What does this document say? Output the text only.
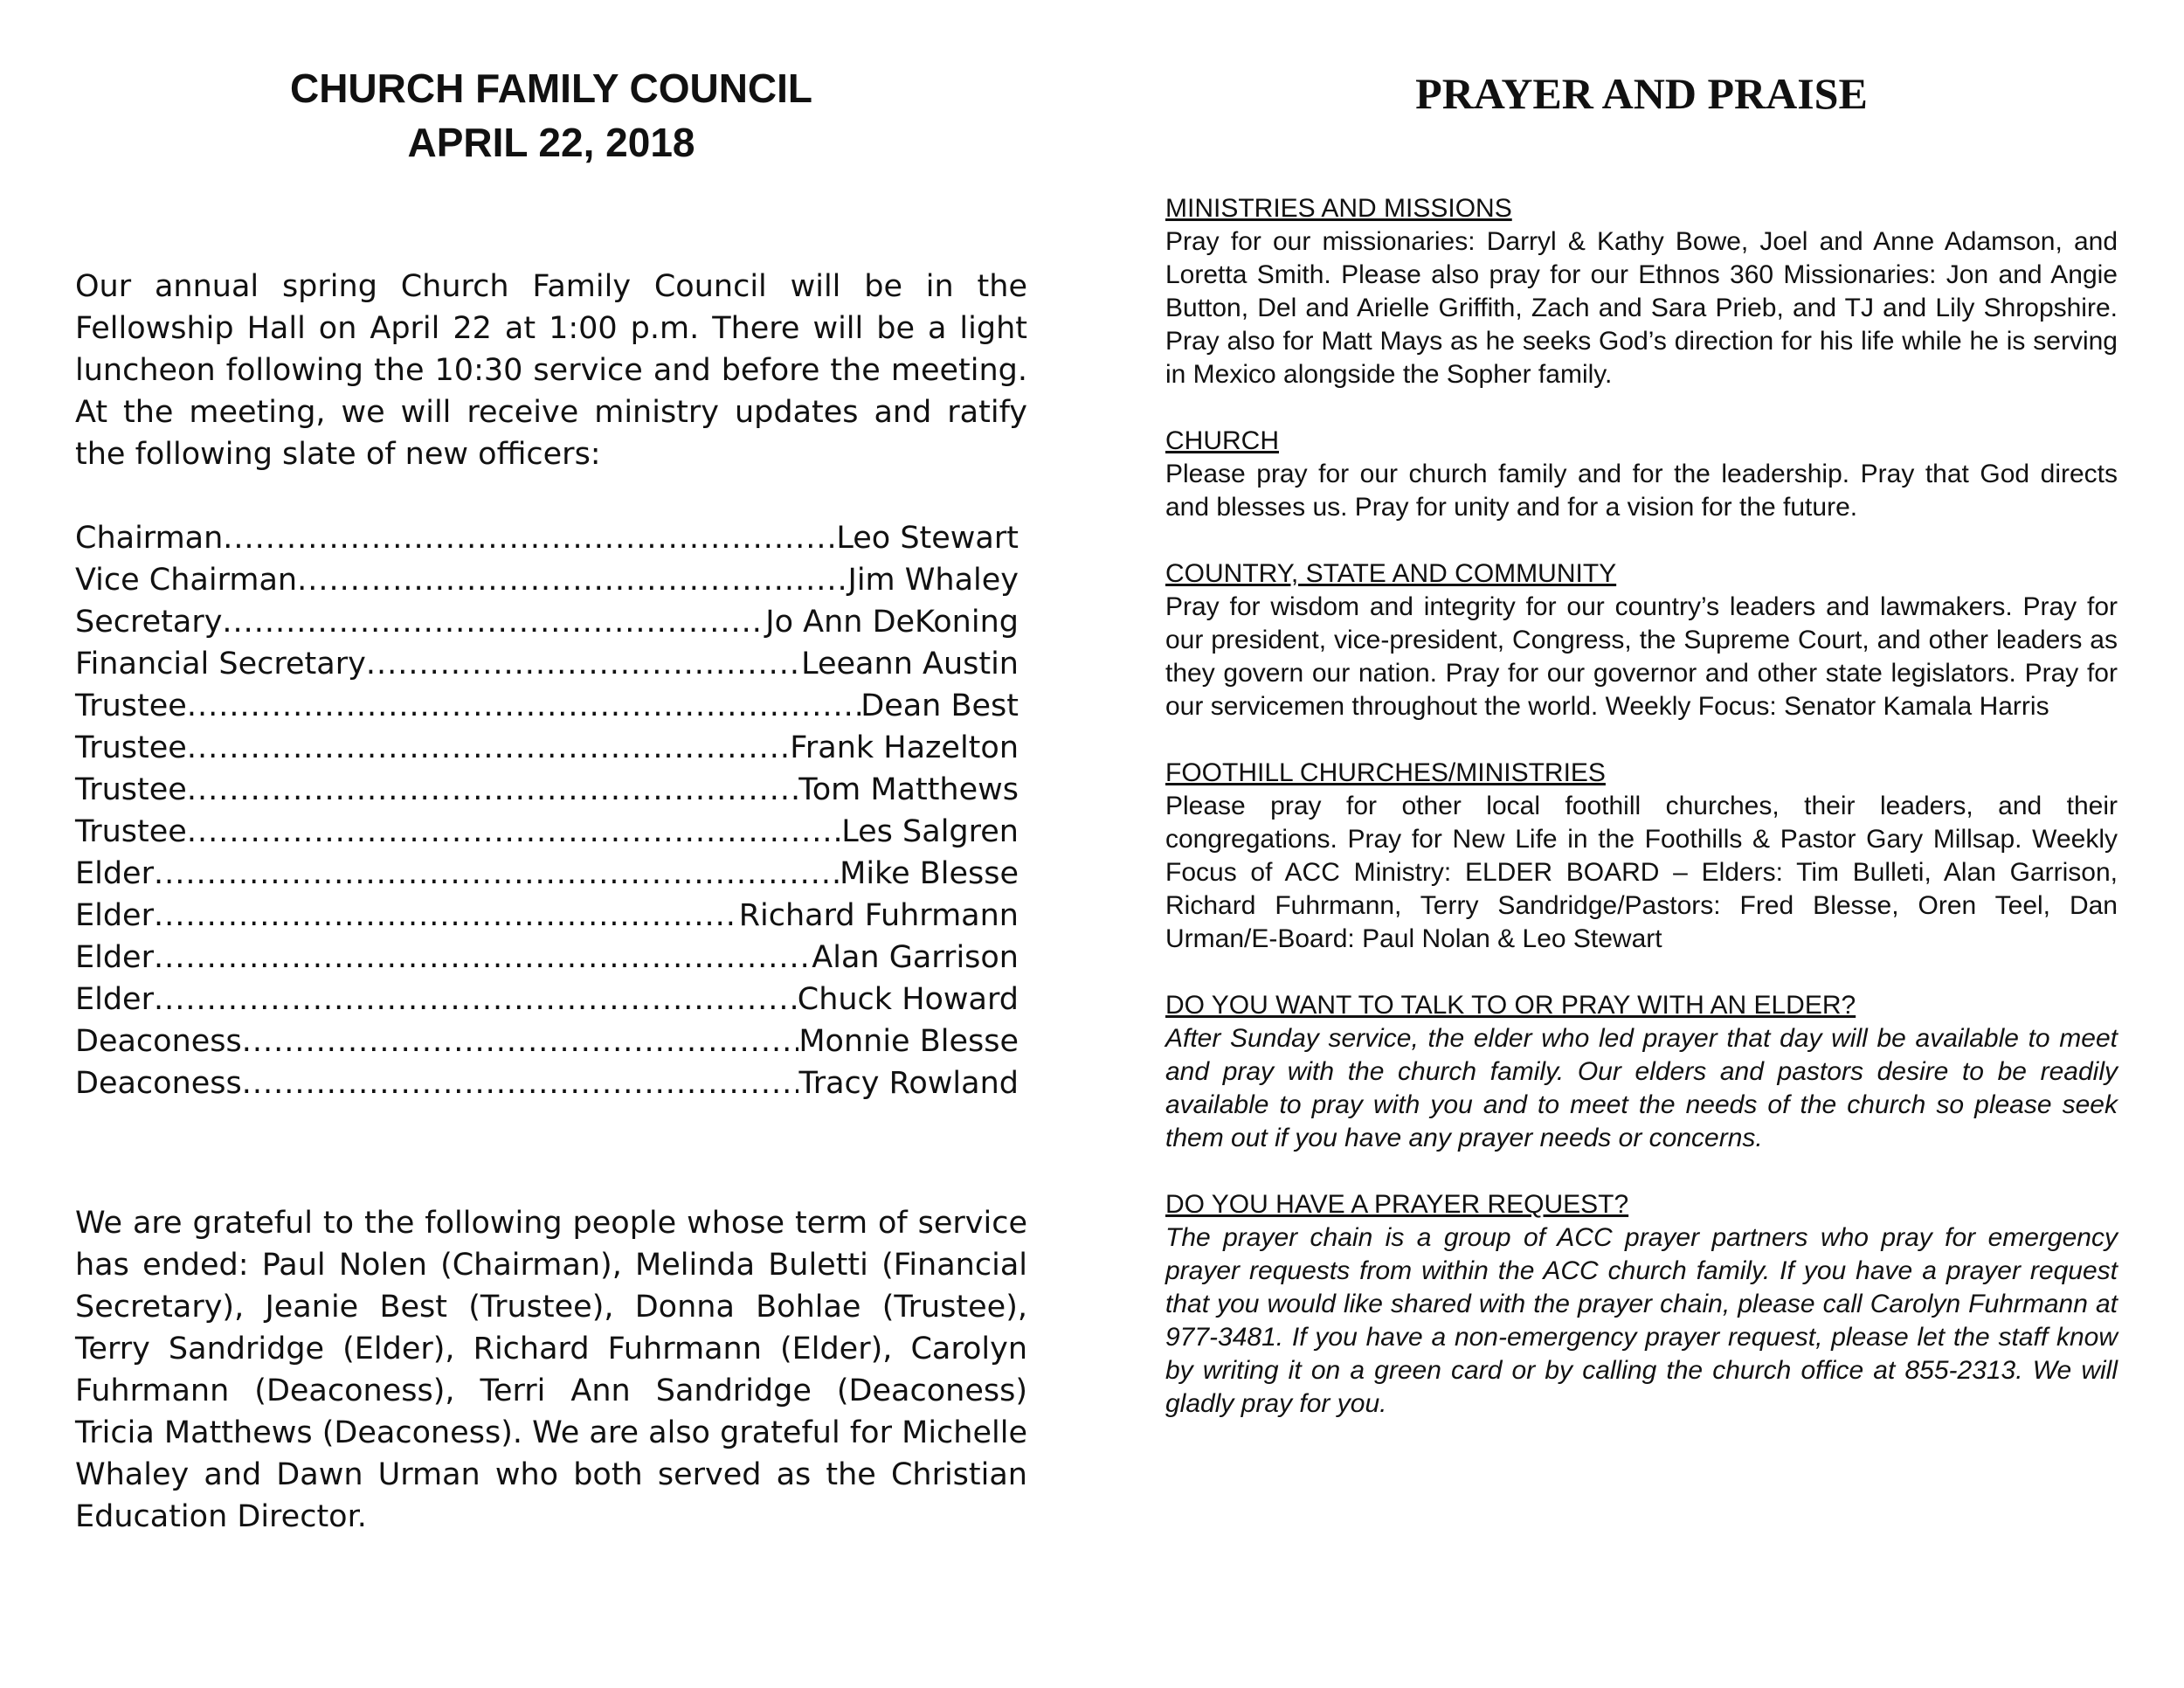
CHURCH FAMILY COUNCIL
APRIL 22, 2018

Our annual spring Church Family Council will be in the Fellowship Hall on April 22 at 1:00 p.m. There will be a light luncheon following the 10:30 service and before the meeting. At the meeting, we will receive ministry updates and ratify the following slate of new officers:

Chairman .....	Leo Stewart
Vice Chairman .....	Jim Whaley
Secretary .....	Jo Ann DeKoning
Financial Secretary .....	Leeann Austin
Trustee .....	Dean Best
Trustee .....	Frank Hazelton
Trustee .....	Tom Matthews
Trustee .....	Les Salgren
Elder .....	Mike Blesse
Elder .....	Richard Fuhrmann
Elder .....	Alan Garrison
Elder .....	Chuck Howard
Deaconess .....	Monnie Blesse
Deaconess .....	Tracy Rowland

We are grateful to the following people whose term of service has ended: Paul Nolen (Chairman), Melinda Buletti (Financial Secretary), Jeanie Best (Trustee), Donna Bohlae (Trustee), Terry Sandridge (Elder), Richard Fuhrmann (Elder), Carolyn Fuhrmann (Deaconess), Terri Ann Sandridge (Deaconess) Tricia Matthews (Deaconess). We are also grateful for Michelle Whaley and Dawn Urman who both served as the Christian Education Director.

PRAYER AND PRAISE
MINISTRIES AND MISSIONS
Pray for our missionaries: Darryl & Kathy Bowe, Joel and Anne Adamson, and Loretta Smith. Please also pray for our Ethnos 360 Missionaries: Jon and Angie Button, Del and Arielle Griffith, Zach and Sara Prieb, and TJ and Lily Shropshire. Pray also for Matt Mays as he seeks God’s direction for his life while he is serving in Mexico alongside the Sopher family.
CHURCH
Please pray for our church family and for the leadership. Pray that God directs and blesses us. Pray for unity and for a vision for the future.
COUNTRY, STATE AND COMMUNITY
Pray for wisdom and integrity for our country’s leaders and lawmakers. Pray for our president, vice-president, Congress, the Supreme Court, and other leaders as they govern our nation. Pray for our governor and other state legislators. Pray for our servicemen throughout the world. Weekly Focus: Senator Kamala Harris
FOOTHILL CHURCHES/MINISTRIES
Please pray for other local foothill churches, their leaders, and their congregations. Pray for New Life in the Foothills & Pastor Gary Millsap. Weekly Focus of ACC Ministry: ELDER BOARD – Elders: Tim Bulleti, Alan Garrison, Richard Fuhrmann, Terry Sandridge/Pastors: Fred Blesse, Oren Teel, Dan Urman/E-Board: Paul Nolan & Leo Stewart
DO YOU WANT TO TALK TO OR PRAY WITH AN ELDER?
After Sunday service, the elder who led prayer that day will be available to meet and pray with the church family. Our elders and pastors desire to be readily available to pray with you and to meet the needs of the church so please seek them out if you have any prayer needs or concerns.
DO YOU HAVE A PRAYER REQUEST?
The prayer chain is a group of ACC prayer partners who pray for emergency prayer requests from within the ACC church family. If you have a prayer request that you would like shared with the prayer chain, please call Carolyn Fuhrmann at 977-3481. If you have a non-emergency prayer request, please let the staff know by writing it on a green card or by calling the church office at 855-2313. We will gladly pray for you.
